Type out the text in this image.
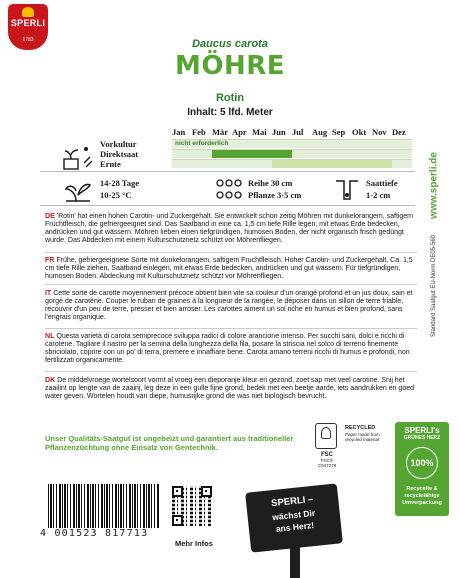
SPERLI
1783	Daucus carota
MÖHRE
Rotin
Inhalt: 5 lfd. Meter
Jan Feb Mär Apr Mai Jun Jul	Aug Sep Okt Nov Dez
Vorkultur	nicht erforderlich
Direktsaat
Ernte
14-28 Tage
10-25 °C
Reihe 30 cm
Pflanze 3-5 cm
Saattiefe
1-2 cm	www.sperli.de
Standard Saatgut EU-Norm DE05-560
DE 'Rotin' hat einen hohen Carotin- und Zuckergehalt. Sie entwickelt schon zeitig Möhren mit dunkelorangem, saftigem Fruchtfleisch, die gefriergeeignet sind. Das Saatband in eine ca. 1,5 cm tiefe Rille legen, mit etwas Erde bedecken, andrücken und gut wässern. Möhren lieben einen tiefgründigen, humosen Boden, der nicht organisch frisch gedüngt wurde. Das Abdecken mit einem Kulturschutznetz schützt vor Möhrenfliegen.
FR Frühe, gefriergeeignete Sorte mit dunkelorangem, saftigem Fruchtfleisch. Hoher Carotin- und Zuckergehalt. Ca. 1,5 cm tiefe Rille ziehen, Saatband einlegen, mit etwas Erde bedecken, andrücken und gut wässern. Für tiefgründigen, humosen Boden. Abdeckung mit Kulturschutznetz schützt vor Möhrenfliegen.
IT Cette sorte de carotte moyennement précoce obtient bien vite sa couleur d'un orangé profond et un jus doux, sain et gorgé de carotène. Couper le ruban de graines à la longueur de la rangée, le déposer dans un sillon de terre friable, recouvrir d'un peu de terre, presser et bien arroser. Les carottes aiment un sol riche en humus et bien profond, sans l'engrais organique.
NL Questa varietà di carota semiprecoce sviluppa radici di colore arancione intenso. Per succhi sani, dolci e ricchi di carotene. Tagliare il nastro per la semina della lunghezza della fila, posare la striscia nel solco di terreno finemente sbriciolato, coprire con un po' di terra, premere e innaffiare bene. Carota amano terreni ricchi di humus e profondi, non fertilizzati organicamente.
DK De middelvroege wortelsoort vormt al vroeg een dieporanje kleur en gezond, zoet sap met veel carotine. Snij het zaailint op lengte van de zaairij, leg deze in een gulle fijne grond, bedek met een beetje aarde, iets aandrukken en goed water geven. Wortelen houdt van diepe, humusrijke grond die was niet biologisch bevrucht.
Unser Qualitäts-Saatgut ist ungebeizt und garantiert aus traditioneller Pflanzenzüchtung ohne Einsatz von Gentechnik.
FSC
FSC® C047278
RECYCLED
Paper made from recycled material
SPERLI's
GRÜNES HERZ
100%
Recycelte & recyclefähige Umverpackung
4 001523 817713
Mehr Infos
SPERLI –
wächst Dir
ans Herz!
